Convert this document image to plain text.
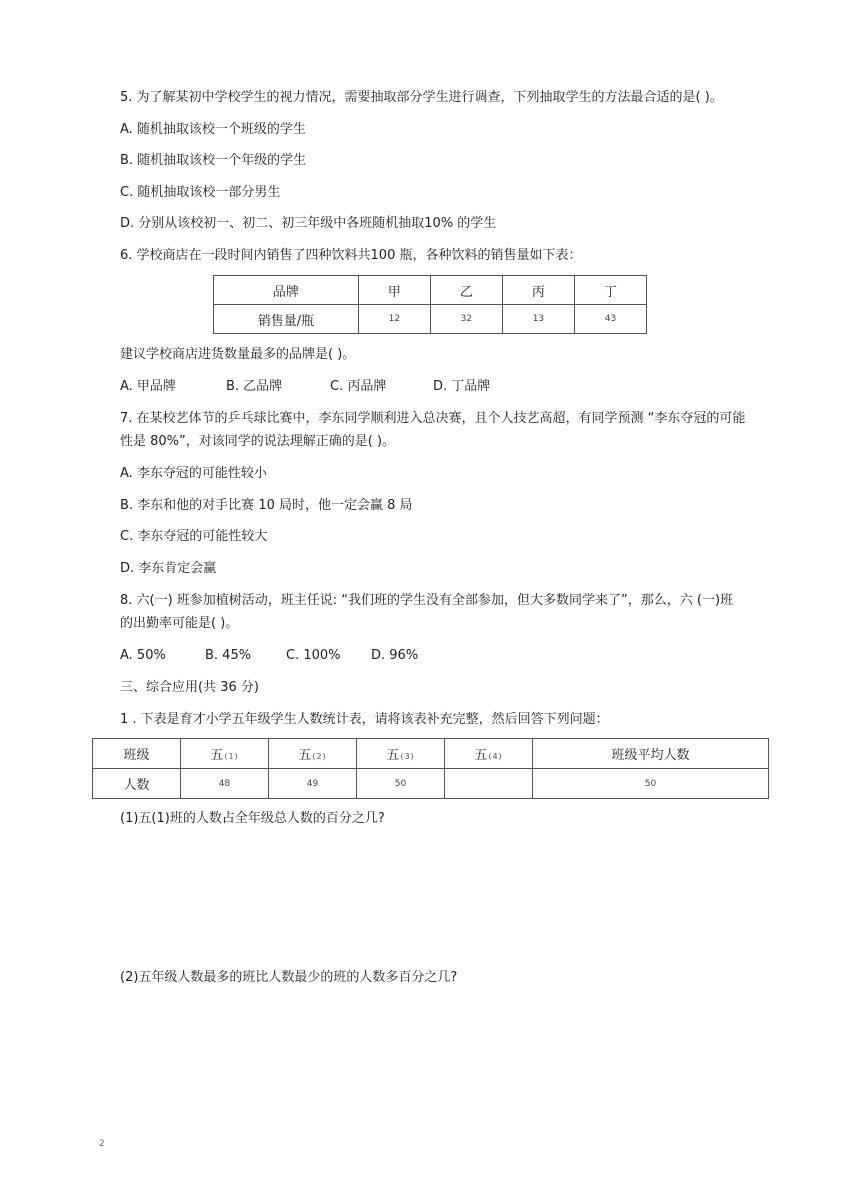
5. 为了解某初中学校学生的视力情况，需要抽取部分学生进行调查，下列抽取学生的方法最合适的是( )。
A. 随机抽取该校一个班级的学生
B. 随机抽取该校一个年级的学生
C. 随机抽取该校一部分男生
D. 分别从该校初一、初二、初三年级中各班随机抽取10% 的学生
6. 学校商店在一段时间内销售了四种饮料共100 瓶，各种饮料的销售量如下表：
品牌	甲	乙	丙	丁
销售量/瓶	12	32	13	43
建议学校商店进货数量最多的品牌是( )。
A. 甲品牌	B. 乙品牌	C. 丙品牌	D. 丁品牌
7. 在某校艺体节的乒乓球比赛中，李东同学顺利进入总决赛，且个人技艺高超，有同学预测 “李东夺冠的可能
性是 80%”，对该同学的说法理解正确的是( )。
A. 李东夺冠的可能性较小
B. 李东和他的对手比赛 10 局时，他一定会赢 8 局
C. 李东夺冠的可能性较大
D. 李东肯定会赢
8. 六(一) 班参加植树活动，班主任说: “我们班的学生没有全部参加，但大多数同学来了”，那么，六 (一)班
的出勤率可能是( )。
A. 50%	B. 45%	C. 100% D. 96%
三、综合应用(共 36 分)
1 . 下表是育才小学五年级学生人数统计表，请将该表补充完整，然后回答下列问题：
班级	五(1)	五(2)	五(3)	五(4)	班级平均人数
人数	48	49	50		50
(1)五(1)班的人数占全年级总人数的百分之几?
(2)五年级人数最多的班比人数最少的班的人数多百分之几?
2
